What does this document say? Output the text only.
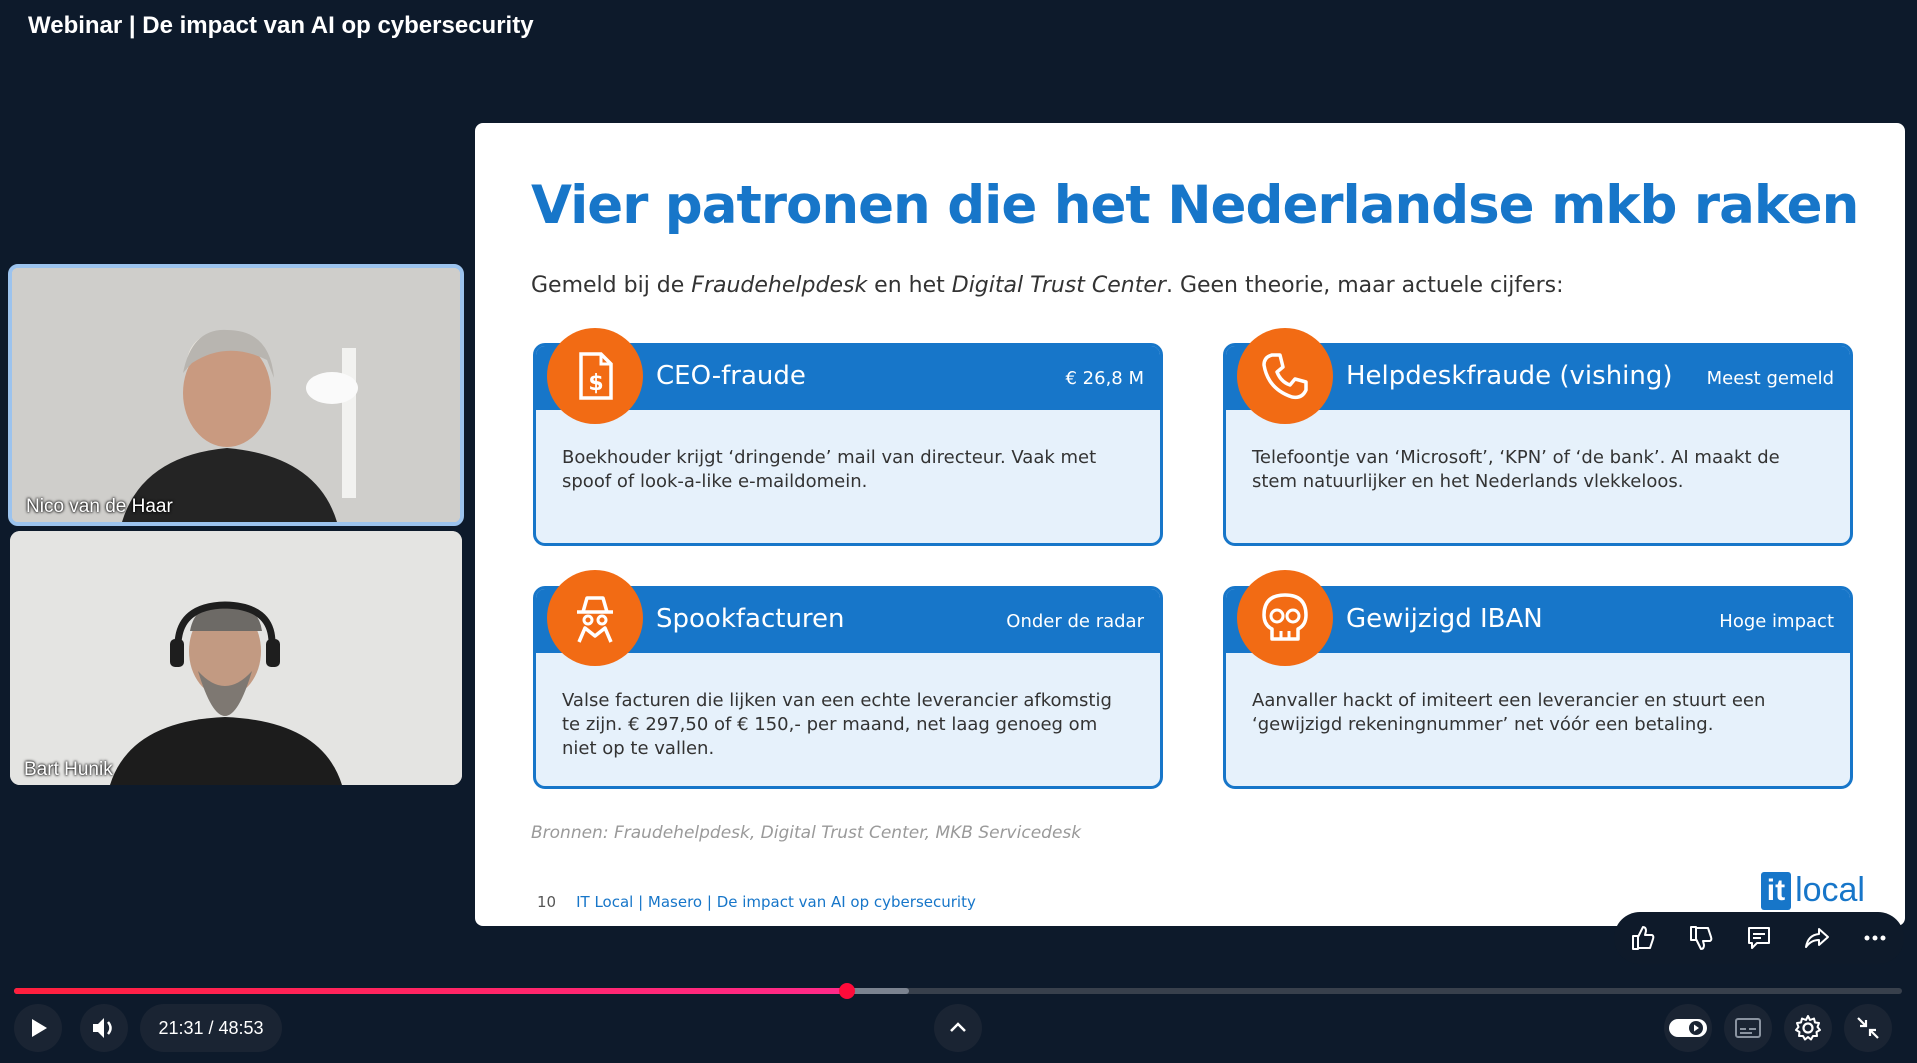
Webinar | De impact van AI op cybersecurity
Nico van de Haar
Bart Hunik
Vier patronen die het Nederlandse mkb raken
Gemeld bij de Fraudehelpdesk en het Digital Trust Center. Geen theorie, maar actuele cijfers:
$ CEO-fraude	€ 26,8 M
Boekhouder krijgt ‘dringende’ mail van directeur. Vaak met spoof of look-a-like e-maildomein.
Helpdeskfraude (vishing) Meest gemeld
Telefoontje van ‘Microsoft’, ‘KPN’ of ‘de bank’. AI maakt de stem natuurlijker en het Nederlands vlekkeloos.
Spookfacturen	Onder de radar
Valse facturen die lijken van een echte leverancier afkomstig te zijn. € 297,50 of € 150,- per maand, net laag genoeg om niet op te vallen.
Gewijzigd IBAN	Hoge impact
Aanvaller hackt of imiteert een leverancier en stuurt een ‘gewijzigd rekeningnummer’ net vóór een betaling.
Bronnen: Fraudehelpdesk, Digital Trust Center, MKB Servicedesk
10 IT Local | Masero | De impact van AI op cybersecurity	it local
21:31 / 48:53
